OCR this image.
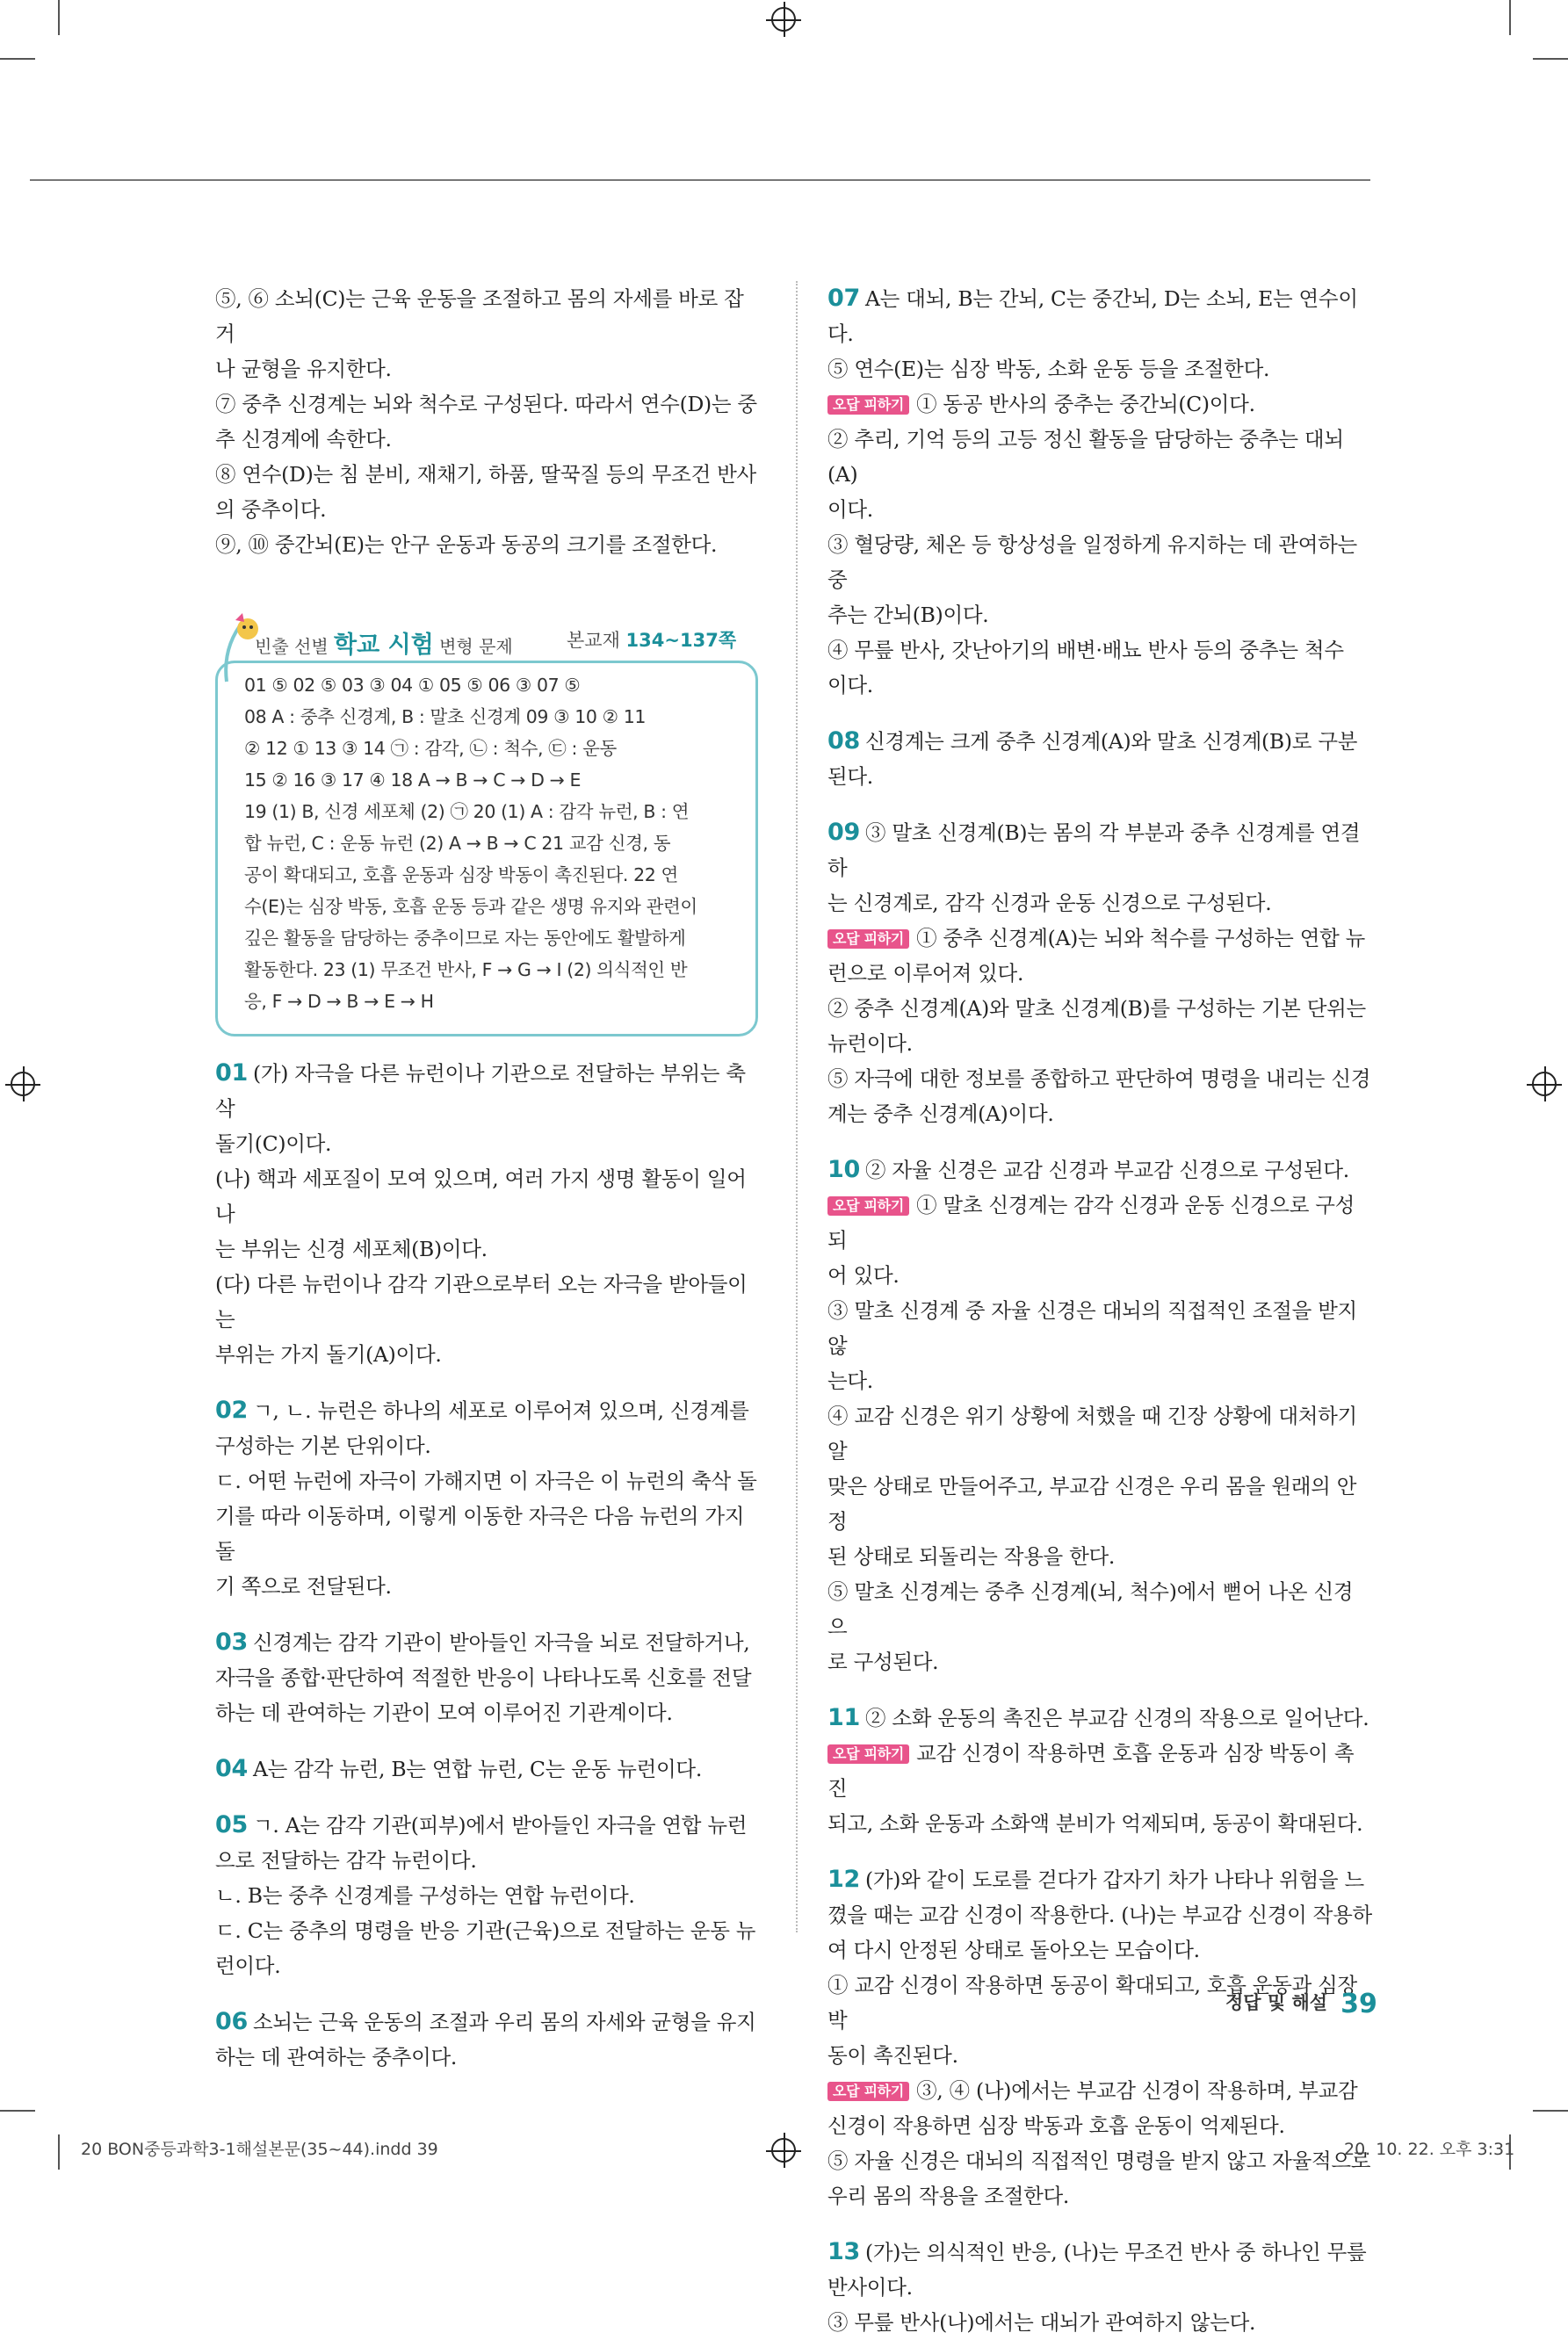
⑤, ⑥ 소뇌(C)는 근육 운동을 조절하고 몸의 자세를 바로 잡거

나 균형을 유지한다.

⑦ 중추 신경계는 뇌와 척수로 구성된다. 따라서 연수(D)는 중

추 신경계에 속한다.

⑧ 연수(D)는 침 분비, 재채기, 하품, 딸꾹질 등의 무조건 반사

의 중추이다.

⑨, ⑩ 중간뇌(E)는 안구 운동과 동공의 크기를 조절한다.

빈출 선별 학교 시험 변형 문제	본교재 134~137쪽
01 ⑤ 02 ⑤ 03 ③ 04 ① 05 ⑤ 06 ③ 07 ⑤
08 A : 중추 신경계, B : 말초 신경계 09 ③ 10 ② 11
② 12 ① 13 ③ 14 ㉠ : 감각, ㉡ : 척수, ㉢ : 운동
15 ② 16 ③ 17 ④ 18 A → B → C → D → E
19 (1) B, 신경 세포체 (2) ㉠ 20 (1) A : 감각 뉴런, B : 연
합 뉴런, C : 운동 뉴런 (2) A → B → C 21 교감 신경, 동
공이 확대되고, 호흡 운동과 심장 박동이 촉진된다. 22 연
수(E)는 심장 박동, 호흡 운동 등과 같은 생명 유지와 관련이
깊은 활동을 담당하는 중추이므로 자는 동안에도 활발하게
활동한다. 23 (1) 무조건 반사, F → G → I (2) 의식적인 반
응, F → D → B → E → H

01 (가) 자극을 다른 뉴런이나 기관으로 전달하는 부위는 축삭

돌기(C)이다.

(나) 핵과 세포질이 모여 있으며, 여러 가지 생명 활동이 일어나

는 부위는 신경 세포체(B)이다.

(다) 다른 뉴런이나 감각 기관으로부터 오는 자극을 받아들이는

부위는 가지 돌기(A)이다.

02 ㄱ, ㄴ. 뉴런은 하나의 세포로 이루어져 있으며, 신경계를

구성하는 기본 단위이다.

ㄷ. 어떤 뉴런에 자극이 가해지면 이 자극은 이 뉴런의 축삭 돌

기를 따라 이동하며, 이렇게 이동한 자극은 다음 뉴런의 가지 돌

기 쪽으로 전달된다.

03 신경계는 감각 기관이 받아들인 자극을 뇌로 전달하거나,

자극을 종합·판단하여 적절한 반응이 나타나도록 신호를 전달

하는 데 관여하는 기관이 모여 이루어진 기관계이다.

04 A는 감각 뉴런, B는 연합 뉴런, C는 운동 뉴런이다.

05 ㄱ. A는 감각 기관(피부)에서 받아들인 자극을 연합 뉴런

으로 전달하는 감각 뉴런이다.

ㄴ. B는 중추 신경계를 구성하는 연합 뉴런이다.

ㄷ. C는 중추의 명령을 반응 기관(근육)으로 전달하는 운동 뉴

런이다.

06 소뇌는 근육 운동의 조절과 우리 몸의 자세와 균형을 유지

하는 데 관여하는 중추이다.

07 A는 대뇌, B는 간뇌, C는 중간뇌, D는 소뇌, E는 연수이다.

⑤ 연수(E)는 심장 박동, 소화 운동 등을 조절한다.

오답 피하기 ① 동공 반사의 중추는 중간뇌(C)이다.

② 추리, 기억 등의 고등 정신 활동을 담당하는 중추는 대뇌(A)

이다.

③ 혈당량, 체온 등 항상성을 일정하게 유지하는 데 관여하는 중

추는 간뇌(B)이다.

④ 무릎 반사, 갓난아기의 배변·배뇨 반사 등의 중추는 척수

이다.

08 신경계는 크게 중추 신경계(A)와 말초 신경계(B)로 구분된다.

09 ③ 말초 신경계(B)는 몸의 각 부분과 중추 신경계를 연결하

는 신경계로, 감각 신경과 운동 신경으로 구성된다.

오답 피하기 ① 중추 신경계(A)는 뇌와 척수를 구성하는 연합 뉴

런으로 이루어져 있다.

② 중추 신경계(A)와 말초 신경계(B)를 구성하는 기본 단위는

뉴런이다.

⑤ 자극에 대한 정보를 종합하고 판단하여 명령을 내리는 신경

계는 중추 신경계(A)이다.

10 ② 자율 신경은 교감 신경과 부교감 신경으로 구성된다.

오답 피하기 ① 말초 신경계는 감각 신경과 운동 신경으로 구성되

어 있다.

③ 말초 신경계 중 자율 신경은 대뇌의 직접적인 조절을 받지 않

는다.

④ 교감 신경은 위기 상황에 처했을 때 긴장 상황에 대처하기 알

맞은 상태로 만들어주고, 부교감 신경은 우리 몸을 원래의 안정

된 상태로 되돌리는 작용을 한다.

⑤ 말초 신경계는 중추 신경계(뇌, 척수)에서 뻗어 나온 신경으

로 구성된다.

11 ② 소화 운동의 촉진은 부교감 신경의 작용으로 일어난다.

오답 피하기 교감 신경이 작용하면 호흡 운동과 심장 박동이 촉진

되고, 소화 운동과 소화액 분비가 억제되며, 동공이 확대된다.

12 (가)와 같이 도로를 걷다가 갑자기 차가 나타나 위험을 느

꼈을 때는 교감 신경이 작용한다. (나)는 부교감 신경이 작용하

여 다시 안정된 상태로 돌아오는 모습이다.

① 교감 신경이 작용하면 동공이 확대되고, 호흡 운동과 심장 박

동이 촉진된다.

오답 피하기 ③, ④ (나)에서는 부교감 신경이 작용하며, 부교감

신경이 작용하면 심장 박동과 호흡 운동이 억제된다.

⑤ 자율 신경은 대뇌의 직접적인 명령을 받지 않고 자율적으로

우리 몸의 작용을 조절한다.

13 (가)는 의식적인 반응, (나)는 무조건 반사 중 하나인 무릎

반사이다.

③ 무릎 반사(나)에서는 대뇌가 관여하지 않는다.

정답 및 해설 39
20 BON중등과학3-1해설본문(35~44).indd 39	20. 10. 22. 오후 3:31
